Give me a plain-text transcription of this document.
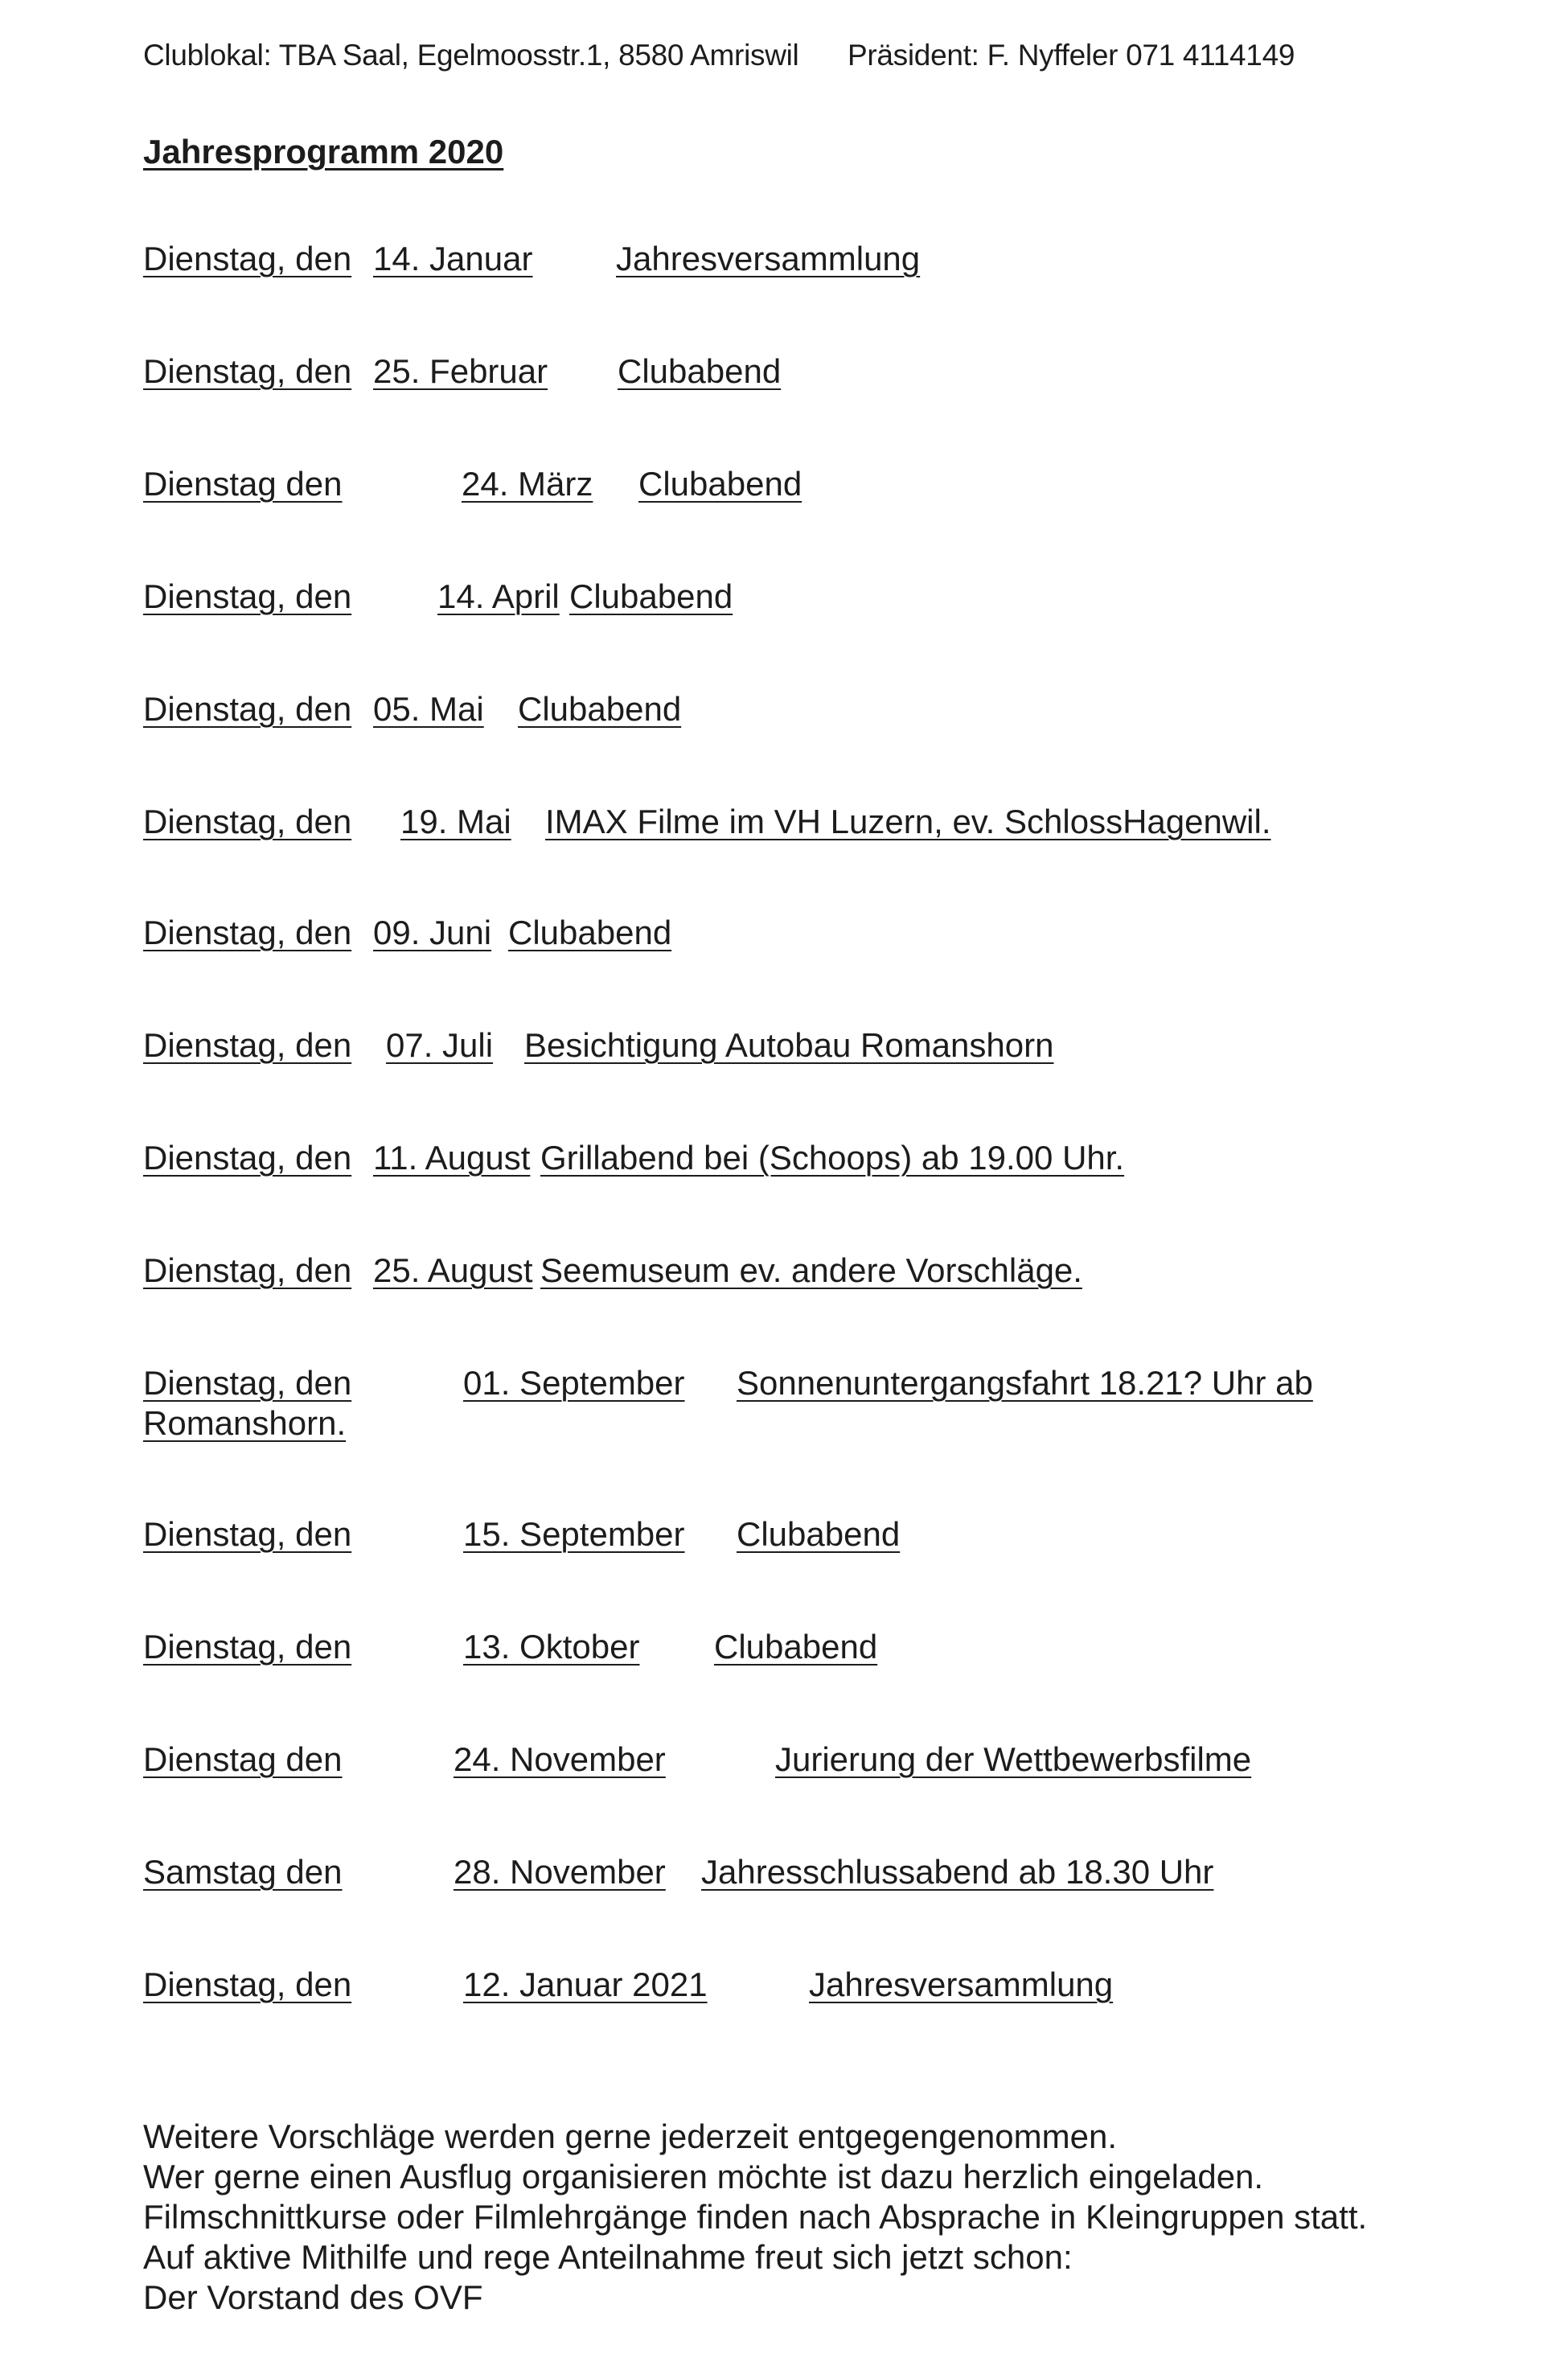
Clublokal: TBA Saal, Egelmoosstr.1, 8580 Amriswil Präsident: F. Nyffeler 071 4114149
Jahresprogramm 2020
Dienstag, den 14. Januar Jahresversammlung
Dienstag, den 25. Februar Clubabend
Dienstag den	24. März Clubabend
Dienstag, den	14. April Clubabend
Dienstag, den 05. Mai Clubabend
Dienstag, den 19. Mai IMAX Filme im VH Luzern, ev. SchlossHagenwil.
Dienstag, den 09. Juni Clubabend
Dienstag, den 07. Juli Besichtigung Autobau Romanshorn
Dienstag, den 11. August Grillabend bei (Schoops) ab 19.00 Uhr.
Dienstag, den 25. August Seemuseum ev. andere Vorschläge.
Dienstag, den	01. September Sonnenuntergangsfahrt 18.21? Uhr ab
Romanshorn.
Dienstag, den	15. September Clubabend
Dienstag, den	13. Oktober Clubabend
Dienstag den	24. November	Jurierung der Wettbewerbsfilme
Samstag den	28. November Jahresschlussabend ab 18.30 Uhr
Dienstag, den	12. Januar 2021	Jahresversammlung
Weitere Vorschläge werden gerne jederzeit entgegengenommen.
Wer gerne einen Ausflug organisieren möchte ist dazu herzlich eingeladen.
Filmschnittkurse oder Filmlehrgänge finden nach Absprache in Kleingruppen statt.
Auf aktive Mithilfe und rege Anteilnahme freut sich jetzt schon:
Der Vorstand des OVF
